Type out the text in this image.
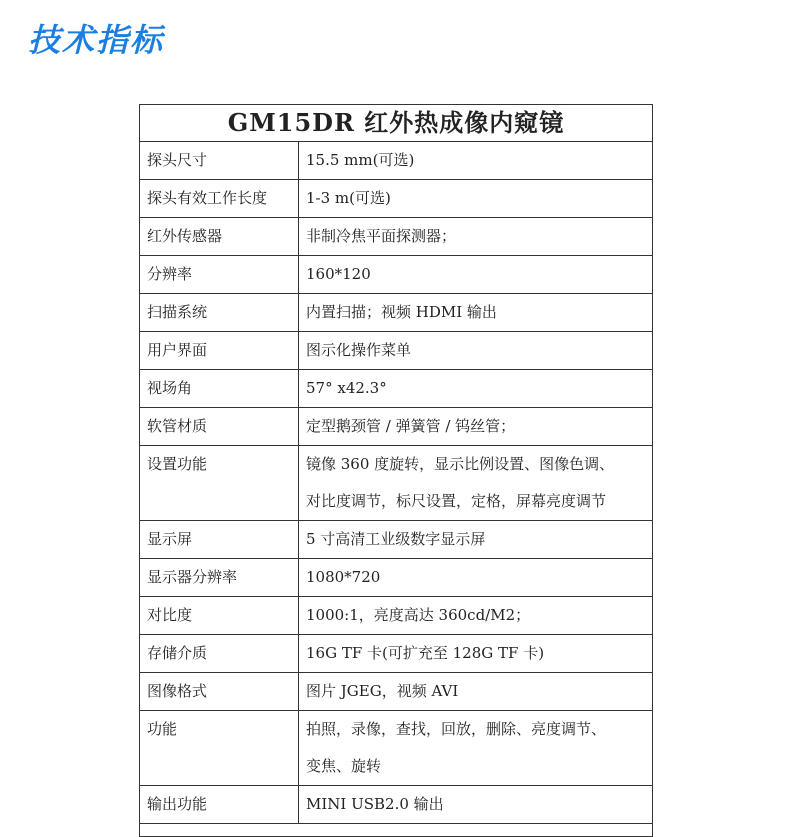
技术指标
GM15DR 红外热成像内窥镜	
探头尺寸	15.5 mm(可选)

探头有效工作长度	1-3 m(可选)

红外传感器	非制冷焦平面探测器；

分辨率	160*120

扫描系统	内置扫描；视频 HDMI 输出

用户界面	图示化操作菜单

视场角	57° x42.3°

软管材质	定型鹅颈管 / 弹簧管 / 钨丝管；

设置功能	镜像 360 度旋转，显示比例设置、图像色调、
对比度调节，标尺设置，定格，屏幕亮度调节

显示屏	5 寸高清工业级数字显示屏

显示器分辨率	1080*720

对比度	1000:1，亮度高达 360cd/M2；

存储介质	16G TF 卡(可扩充至 128G TF 卡)

图像格式	图片 JGEG，视频 AVI

功能	拍照，录像，查找，回放，删除、亮度调节、
变焦、旋转

输出功能	MINI USB2.0 输出
